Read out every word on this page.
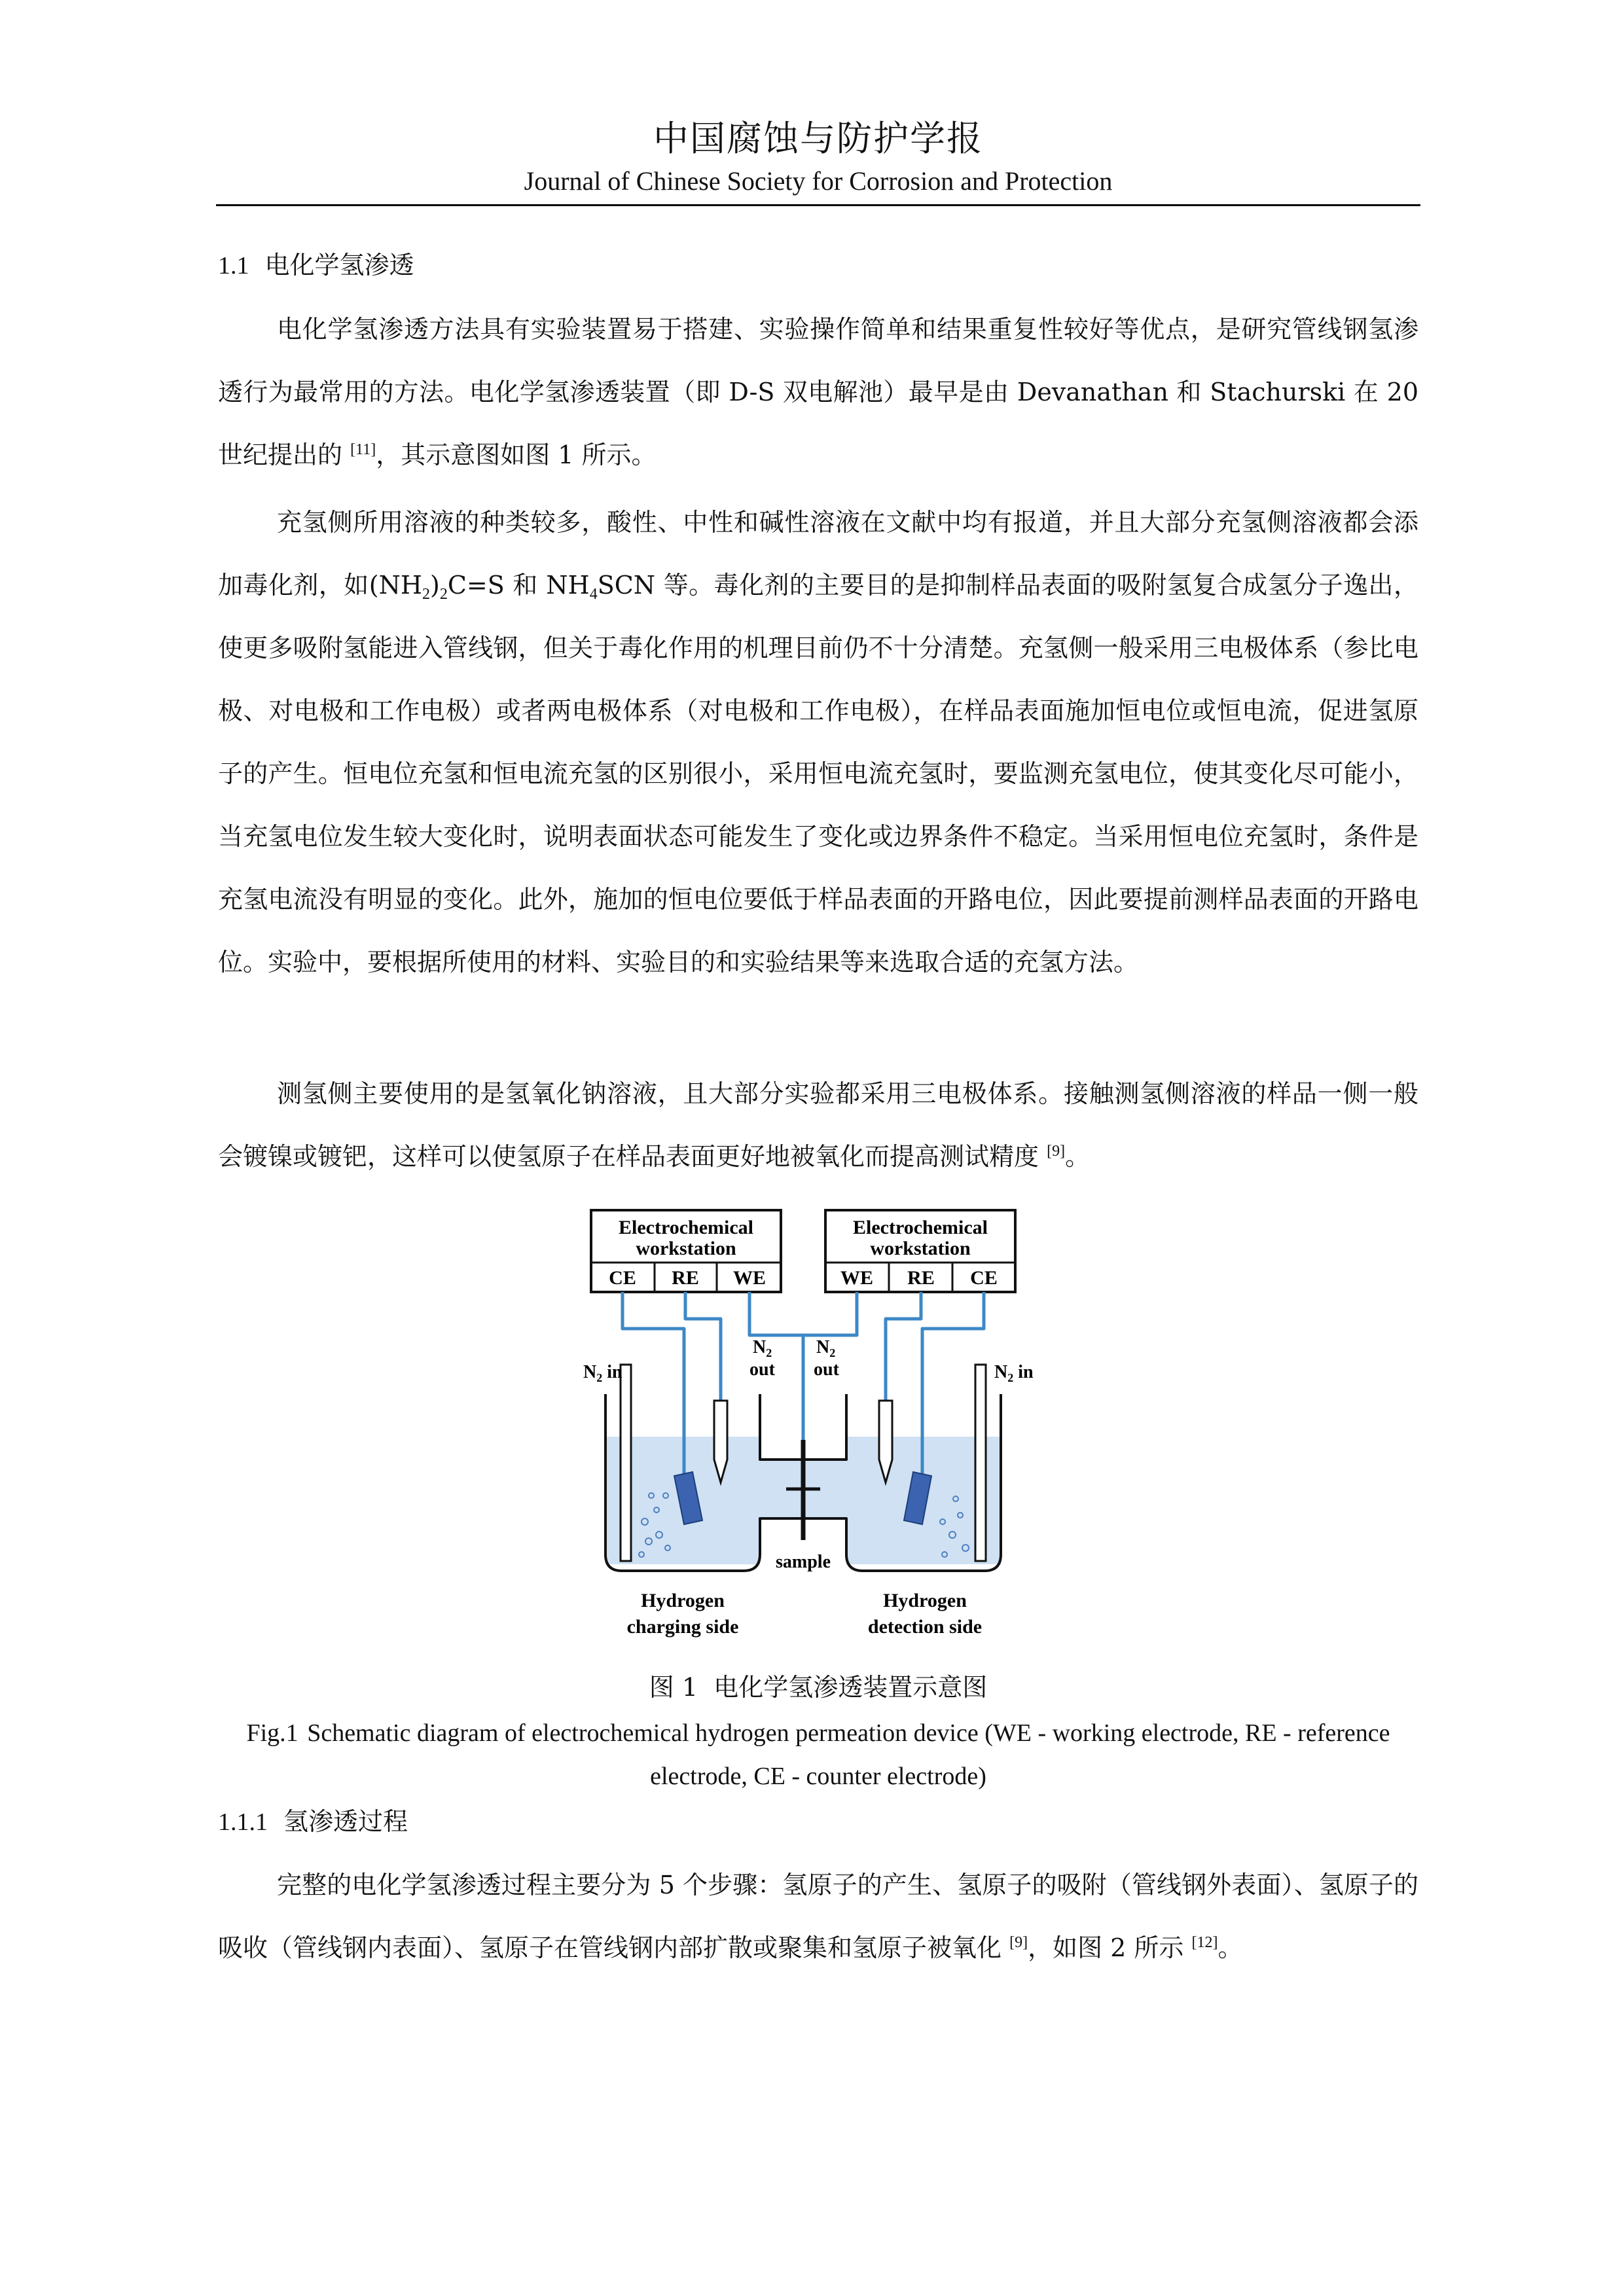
中国腐蚀与防护学报
Journal of Chinese Society for Corrosion and Protection
1.1 电化学氢渗透

电化学氢渗透方法具有实验装置易于搭建、实验操作简单和结果重复性较好等优点，是研究管线钢氢渗透行为最常用的方法。电化学氢渗透装置（即 D-S 双电解池）最早是由 Devanathan 和 Stachurski 在 20 世纪提出的 [11]，其示意图如图 1 所示。

充氢侧所用溶液的种类较多，酸性、中性和碱性溶液在文献中均有报道，并且大部分充氢侧溶液都会添加毒化剂，如$(NH_2)_2C=S$ 和 $NH_4SCN$ 等。毒化剂的主要目的是抑制样品表面的吸附氢复合成氢分子逸出，使更多吸附氢能进入管线钢，但关于毒化作用的机理目前仍不十分清楚。充氢侧一般采用三电极体系（参比电极、对电极和工作电极）或者两电极体系（对电极和工作电极），在样品表面施加恒电位或恒电流，促进氢原子的产生。恒电位充氢和恒电流充氢的区别很小，采用恒电流充氢时，要监测充氢电位，使其变化尽可能小，当充氢电位发生较大变化时，说明表面状态可能发生了变化或边界条件不稳定。当采用恒电位充氢时，条件是充氢电流没有明显的变化。此外，施加的恒电位要低于样品表面的开路电位，因此要提前测样品表面的开路电位。实验中，要根据所使用的材料、实验目的和实验结果等来选取合适的充氢方法。

测氢侧主要使用的是氢氧化钠溶液，且大部分实验都采用三电极体系。接触测氢侧溶液的样品一侧一般会镀镍或镀钯，这样可以使氢原子在样品表面更好地被氧化而提高测试精度 [9]。

Electrochemical
workstation
CE RE WE
Electrochemical
workstation
WE RE CE
$N_2$ in
$N_2$
out
$N_2$
out	$N_2$ in
sample
Hydrogen
charging side
Hydrogen
detection side
图 1 电化学氢渗透装置示意图
Fig.1 Schematic diagram of electrochemical hydrogen permeation device (WE - working electrode, RE - reference electrode, CE - counter electrode)
1.1.1 氢渗透过程

完整的电化学氢渗透过程主要分为 5 个步骤：氢原子的产生、氢原子的吸附（管线钢外表面）、氢原子的吸收（管线钢内表面）、氢原子在管线钢内部扩散或聚集和氢原子被氧化 [9]，如图 2 所示 [12]。
